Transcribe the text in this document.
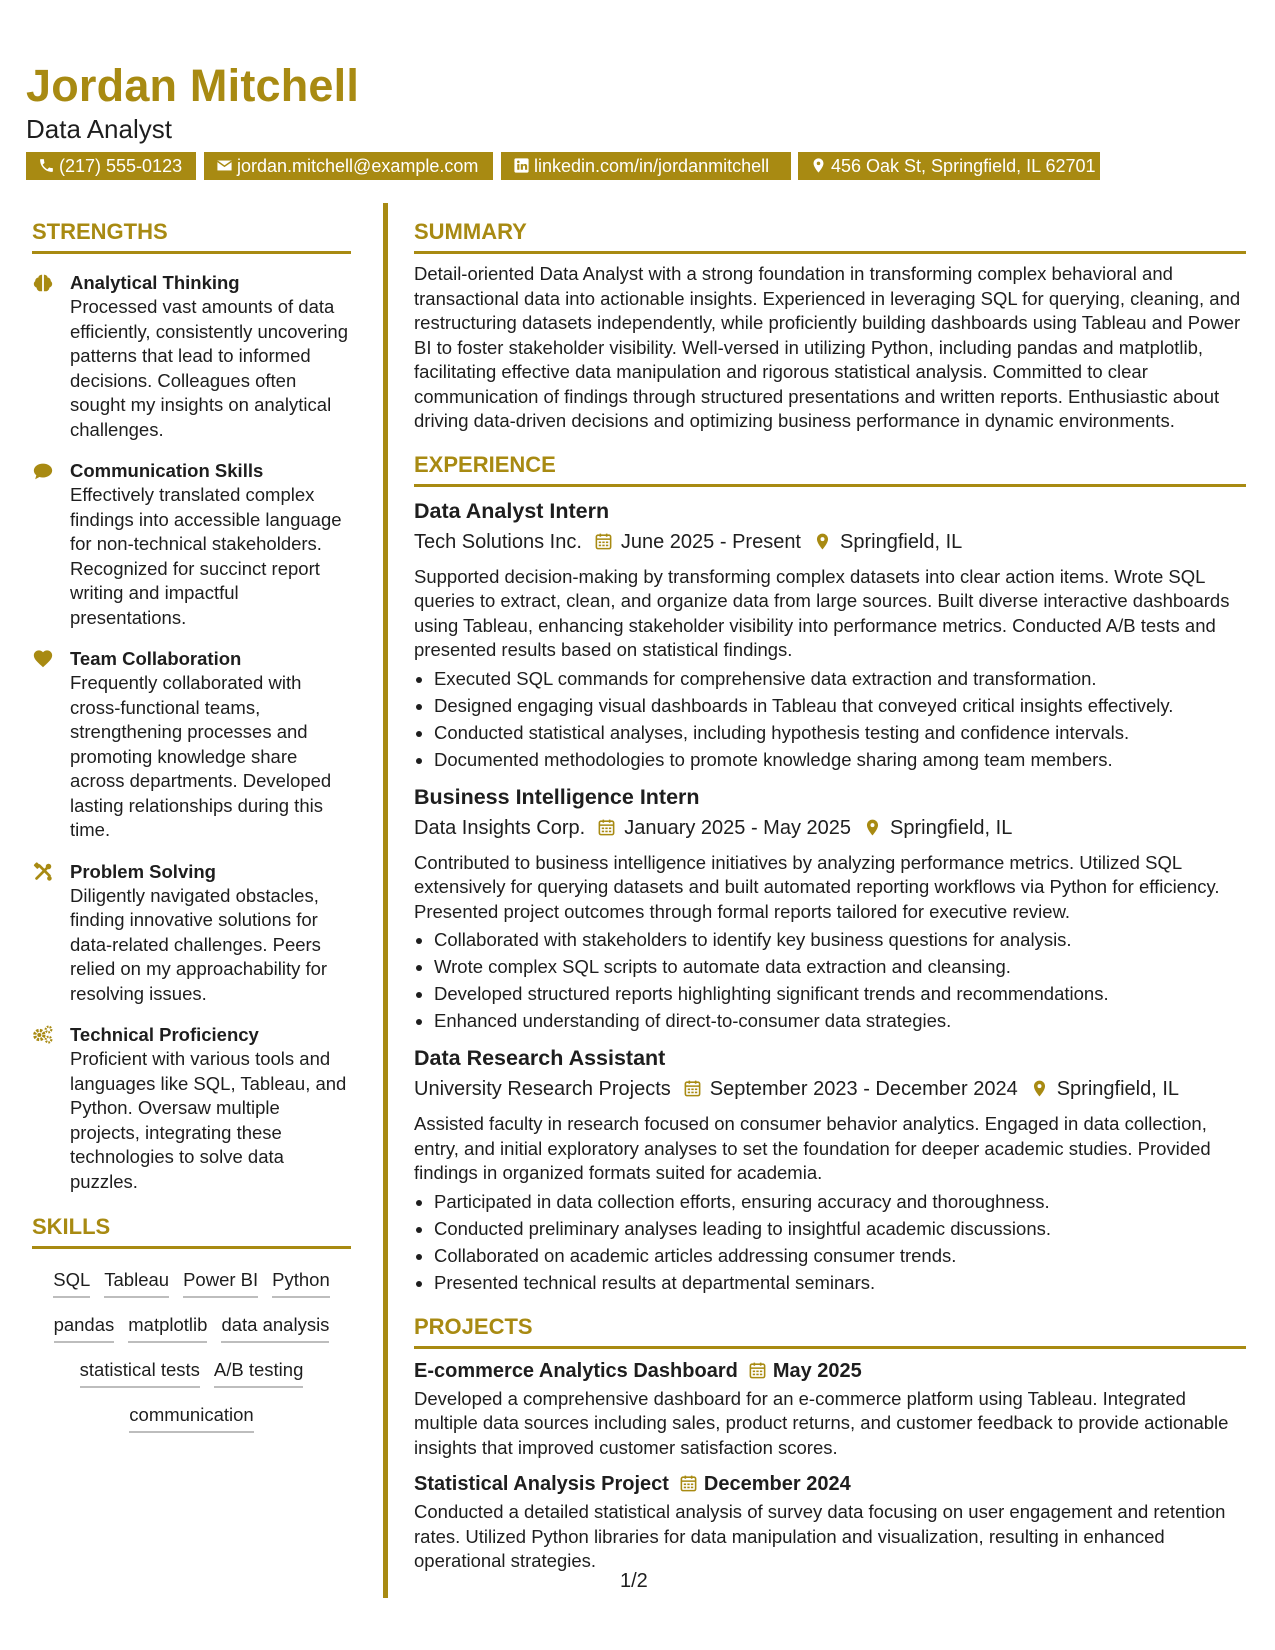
Jordan Mitchell
Data Analyst
(217) 555-0123	jordan.mitchell@example.com	linkedin.com/in/jordanmitchell	456 Oak St, Springfield, IL 62701
STRENGTHS

Analytical Thinking

Processed vast amounts of data efficiently, consistently uncovering patterns that lead to informed decisions. Colleagues often sought my insights on analytical challenges.

Communication Skills

Effectively translated complex findings into accessible language for non-technical stakeholders. Recognized for succinct report writing and impactful presentations.

Team Collaboration

Frequently collaborated with cross-functional teams, strengthening processes and promoting knowledge share across departments. Developed lasting relationships during this time.

Problem Solving

Diligently navigated obstacles, finding innovative solutions for data-related challenges. Peers relied on my approachability for resolving issues.

Technical Proficiency

Proficient with various tools and languages like SQL, Tableau, and Python. Oversaw multiple projects, integrating these technologies to solve data puzzles.

SKILLS
SQL Tableau Power BI Python
pandas matplotlib data analysis
statistical tests A/B testing
communication
SUMMARY

Detail-oriented Data Analyst with a strong foundation in transforming complex behavioral and transactional data into actionable insights. Experienced in leveraging SQL for querying, cleaning, and restructuring datasets independently, while proficiently building dashboards using Tableau and Power BI to foster stakeholder visibility. Well-versed in utilizing Python, including pandas and matplotlib, facilitating effective data manipulation and rigorous statistical analysis. Committed to clear communication of findings through structured presentations and written reports. Enthusiastic about driving data-driven decisions and optimizing business performance in dynamic environments.

EXPERIENCE

Data Analyst Intern

Tech Solutions Inc. June 2025 - Present Springfield, IL

Supported decision-making by transforming complex datasets into clear action items. Wrote SQL queries to extract, clean, and organize data from large sources. Built diverse interactive dashboards using Tableau, enhancing stakeholder visibility into performance metrics. Conducted A/B tests and presented results based on statistical findings.

• Executed SQL commands for comprehensive data extraction and transformation.
• Designed engaging visual dashboards in Tableau that conveyed critical insights effectively.
• Conducted statistical analyses, including hypothesis testing and confidence intervals.
• Documented methodologies to promote knowledge sharing among team members.

Business Intelligence Intern

Data Insights Corp. January 2025 - May 2025 Springfield, IL

Contributed to business intelligence initiatives by analyzing performance metrics. Utilized SQL extensively for querying datasets and built automated reporting workflows via Python for efficiency. Presented project outcomes through formal reports tailored for executive review.

• Collaborated with stakeholders to identify key business questions for analysis.
• Wrote complex SQL scripts to automate data extraction and cleansing.
• Developed structured reports highlighting significant trends and recommendations.
• Enhanced understanding of direct-to-consumer data strategies.

Data Research Assistant

University Research Projects September 2023 - December 2024 Springfield, IL

Assisted faculty in research focused on consumer behavior analytics. Engaged in data collection, entry, and initial exploratory analyses to set the foundation for deeper academic studies. Provided findings in organized formats suited for academia.

• Participated in data collection efforts, ensuring accuracy and thoroughness.
• Conducted preliminary analyses leading to insightful academic discussions.
• Collaborated on academic articles addressing consumer trends.
• Presented technical results at departmental seminars.
PROJECTS

E-commerce Analytics Dashboard May 2025

Developed a comprehensive dashboard for an e-commerce platform using Tableau. Integrated multiple data sources including sales, product returns, and customer feedback to provide actionable insights that improved customer satisfaction scores.

Statistical Analysis Project December 2024

Conducted a detailed statistical analysis of survey data focusing on user engagement and retention rates. Utilized Python libraries for data manipulation and visualization, resulting in enhanced operational strategies.

1/2
